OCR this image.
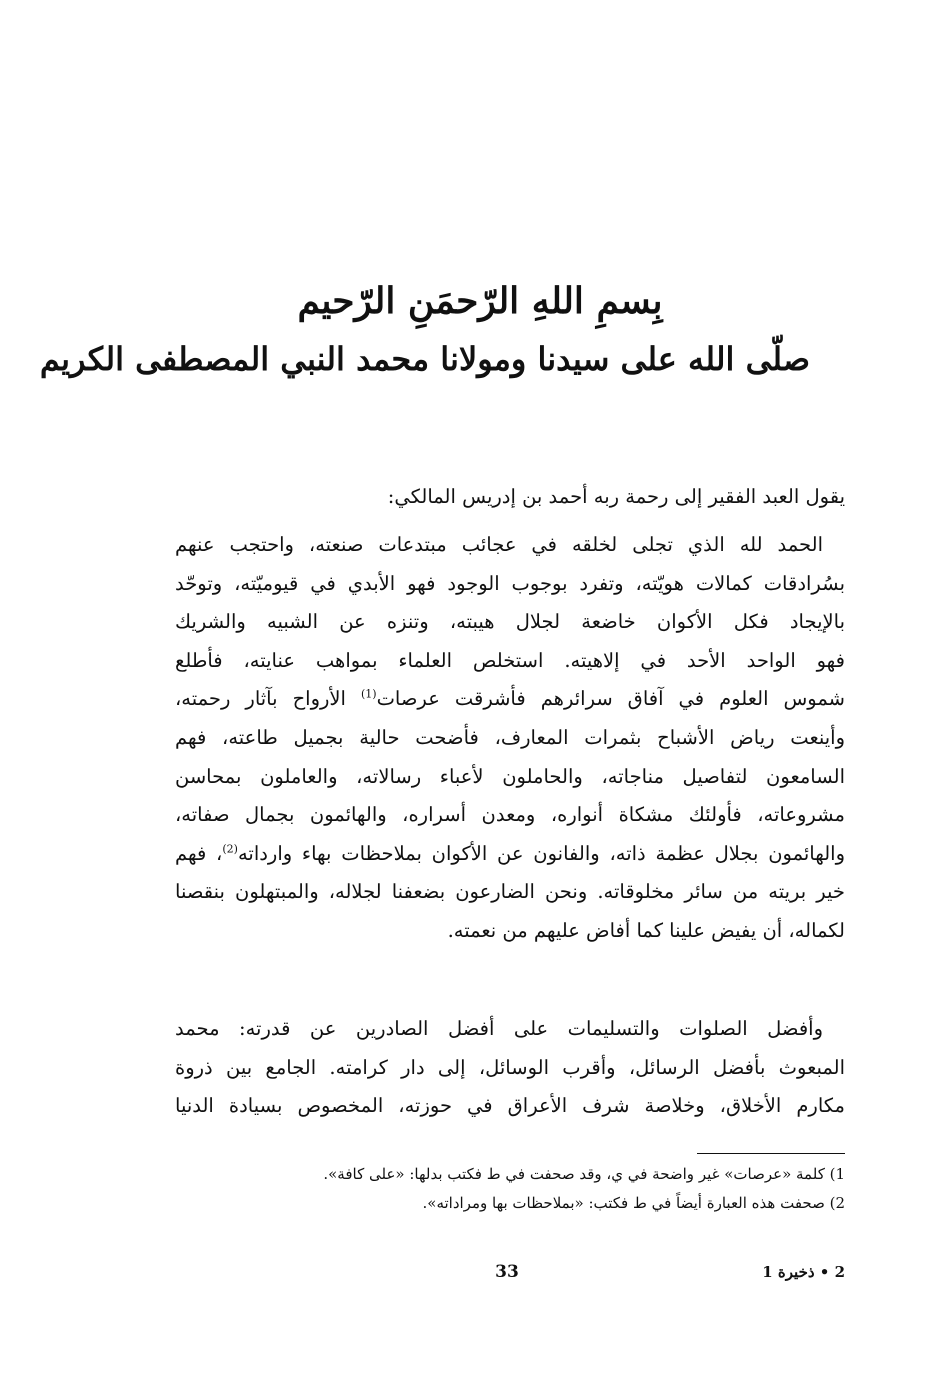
بِسمِ اللهِ الرّحمَنِ الرّحيم
صلّى الله على سيدنا ومولانا محمد النبي المصطفى الكريم
يقول العبد الفقير إلى رحمة ربه أحمد بن إدريس المالكي:
الحمد لله الذي تجلى لخلقه في عجائب مبتدعات صنعته، واحتجب عنهم
بسُرادقات كمالات هويّته، وتفرد بوجوب الوجود فهو الأبدي في قيوميّته، وتوحّد
بالإيجاد فكل الأكوان خاضعة لجلال هيبته، وتنزه عن الشبيه والشريك
فهو الواحد الأحد في إلاهيته. استخلص العلماء بمواهب عنايته، فأطلع
شموس العلوم في آفاق سرائرهم فأشرقت عرصات$^{(1)}$ الأرواح بآثار رحمته،
وأينعت رياض الأشباح بثمرات المعارف، فأضحت حالية بجميل طاعته، فهم
السامعون لتفاصيل مناجاته، والحاملون لأعباء رسالاته، والعاملون بمحاسن
مشروعاته، فأولئك مشكاة أنواره، ومعدن أسراره، والهائمون بجمال صفاته،
والهائمون بجلال عظمة ذاته، والفانون عن الأكوان بملاحظات بهاء وارداته$^{(2)}$، فهم
خير بريته من سائر مخلوقاته. ونحن الضارعون بضعفنا لجلاله، والمبتهلون بنقصنا
لكماله، أن يفيض علينا كما أفاض عليهم من نعمته.
وأفضل الصلوات والتسليمات على أفضل الصادرين عن قدرته: محمد
المبعوث بأفضل الرسائل، وأقرب الوسائل، إلى دار كرامته. الجامع بين ذروة
مكارم الأخلاق، وخلاصة شرف الأعراق في حوزته، المخصوص بسيادة الدنيا
1) كلمة «عرصات» غير واضحة في ي، وقد صحفت في ط فكتب بدلها: «على كافة».
2) صحفت هذه العبارة أيضاً في ط فكتب: «بملاحظات بها ومراداته».
33	2 • ذخيرة 1
